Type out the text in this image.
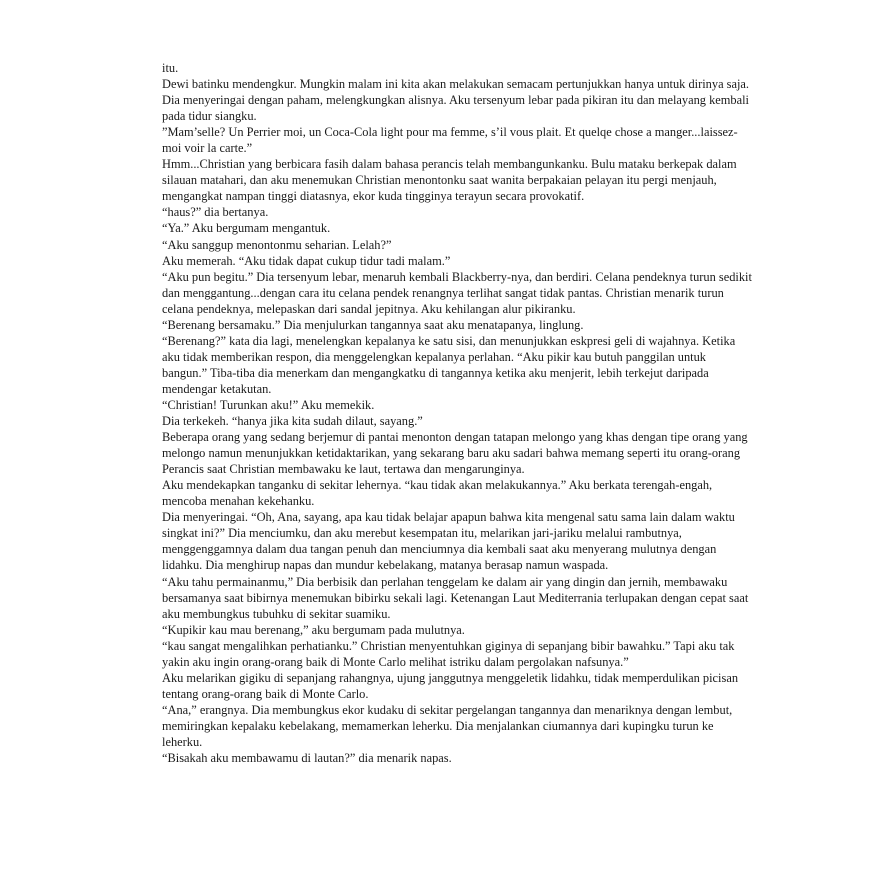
itu.

Dewi batinku mendengkur. Mungkin malam ini kita akan melakukan semacam pertunjukkan hanya untuk dirinya saja. Dia menyeringai dengan paham, melengkungkan alisnya. Aku tersenyum lebar pada pikiran itu dan melayang kembali pada tidur siangku.

”Mam’selle? Un Perrier moi, un Coca-Cola light pour ma femme, s’il vous plait. Et quelqe chose a manger...laissez-moi voir la carte.”

Hmm...Christian yang berbicara fasih dalam bahasa perancis telah membangunkanku. Bulu mataku berkepak dalam silauan matahari, dan aku menemukan Christian menontonku saat wanita berpakaian pelayan itu pergi menjauh, mengangkat nampan tinggi diatasnya, ekor kuda tingginya terayun secara provokatif.

“haus?” dia bertanya.

“Ya.” Aku bergumam mengantuk.

“Aku sanggup menontonmu seharian. Lelah?”

Aku memerah. “Aku tidak dapat cukup tidur tadi malam.”

“Aku pun begitu.” Dia tersenyum lebar, menaruh kembali Blackberry-nya, dan berdiri. Celana pendeknya turun sedikit dan menggantung...dengan cara itu celana pendek renangnya terlihat sangat tidak pantas. Christian menarik turun celana pendeknya, melepaskan dari sandal jepitnya. Aku kehilangan alur pikiranku.

“Berenang bersamaku.” Dia menjulurkan tangannya saat aku menatapanya, linglung.

“Berenang?” kata dia lagi, menelengkan kepalanya ke satu sisi, dan menunjukkan eskpresi geli di wajahnya. Ketika aku tidak memberikan respon, dia menggelengkan kepalanya perlahan. “Aku pikir kau butuh panggilan untuk bangun.” Tiba-tiba dia menerkam dan mengangkatku di tangannya ketika aku menjerit, lebih terkejut daripada mendengar ketakutan.

“Christian! Turunkan aku!” Aku memekik.

Dia terkekeh. “hanya jika kita sudah dilaut, sayang.”

Beberapa orang yang sedang berjemur di pantai menonton dengan tatapan melongo yang khas dengan tipe orang yang melongo namun menunjukkan ketidaktarikan, yang sekarang baru aku sadari bahwa memang seperti itu orang-orang Perancis saat Christian membawaku ke laut, tertawa dan mengarunginya.

Aku mendekapkan tanganku di sekitar lehernya. “kau tidak akan melakukannya.” Aku berkata terengah-engah, mencoba menahan kekehanku.

Dia menyeringai. “Oh, Ana, sayang, apa kau tidak belajar apapun bahwa kita mengenal satu sama lain dalam waktu singkat ini?” Dia menciumku, dan aku merebut kesempatan itu, melarikan jari-jariku melalui rambutnya, menggenggamnya dalam dua tangan penuh dan menciumnya dia kembali saat aku menyerang mulutnya dengan lidahku. Dia menghirup napas dan mundur kebelakang, matanya berasap namun waspada.

“Aku tahu permainanmu,” Dia berbisik dan perlahan tenggelam ke dalam air yang dingin dan jernih, membawaku bersamanya saat bibirnya menemukan bibirku sekali lagi. Ketenangan Laut Mediterrania terlupakan dengan cepat saat aku membungkus tubuhku di sekitar suamiku.

“Kupikir kau mau berenang,” aku bergumam pada mulutnya.

“kau sangat mengalihkan perhatianku.” Christian menyentuhkan giginya di sepanjang bibir bawahku.” Tapi aku tak yakin aku ingin orang-orang baik di Monte Carlo melihat istriku dalam pergolakan nafsunya.”

Aku melarikan gigiku di sepanjang rahangnya, ujung janggutnya menggeletik lidahku, tidak memperdulikan picisan tentang orang-orang baik di Monte Carlo.

“Ana,” erangnya. Dia membungkus ekor kudaku di sekitar pergelangan tangannya dan menariknya dengan lembut, memiringkan kepalaku kebelakang, memamerkan leherku. Dia menjalankan ciumannya dari kupingku turun ke leherku.

“Bisakah aku membawamu di lautan?” dia menarik napas.
